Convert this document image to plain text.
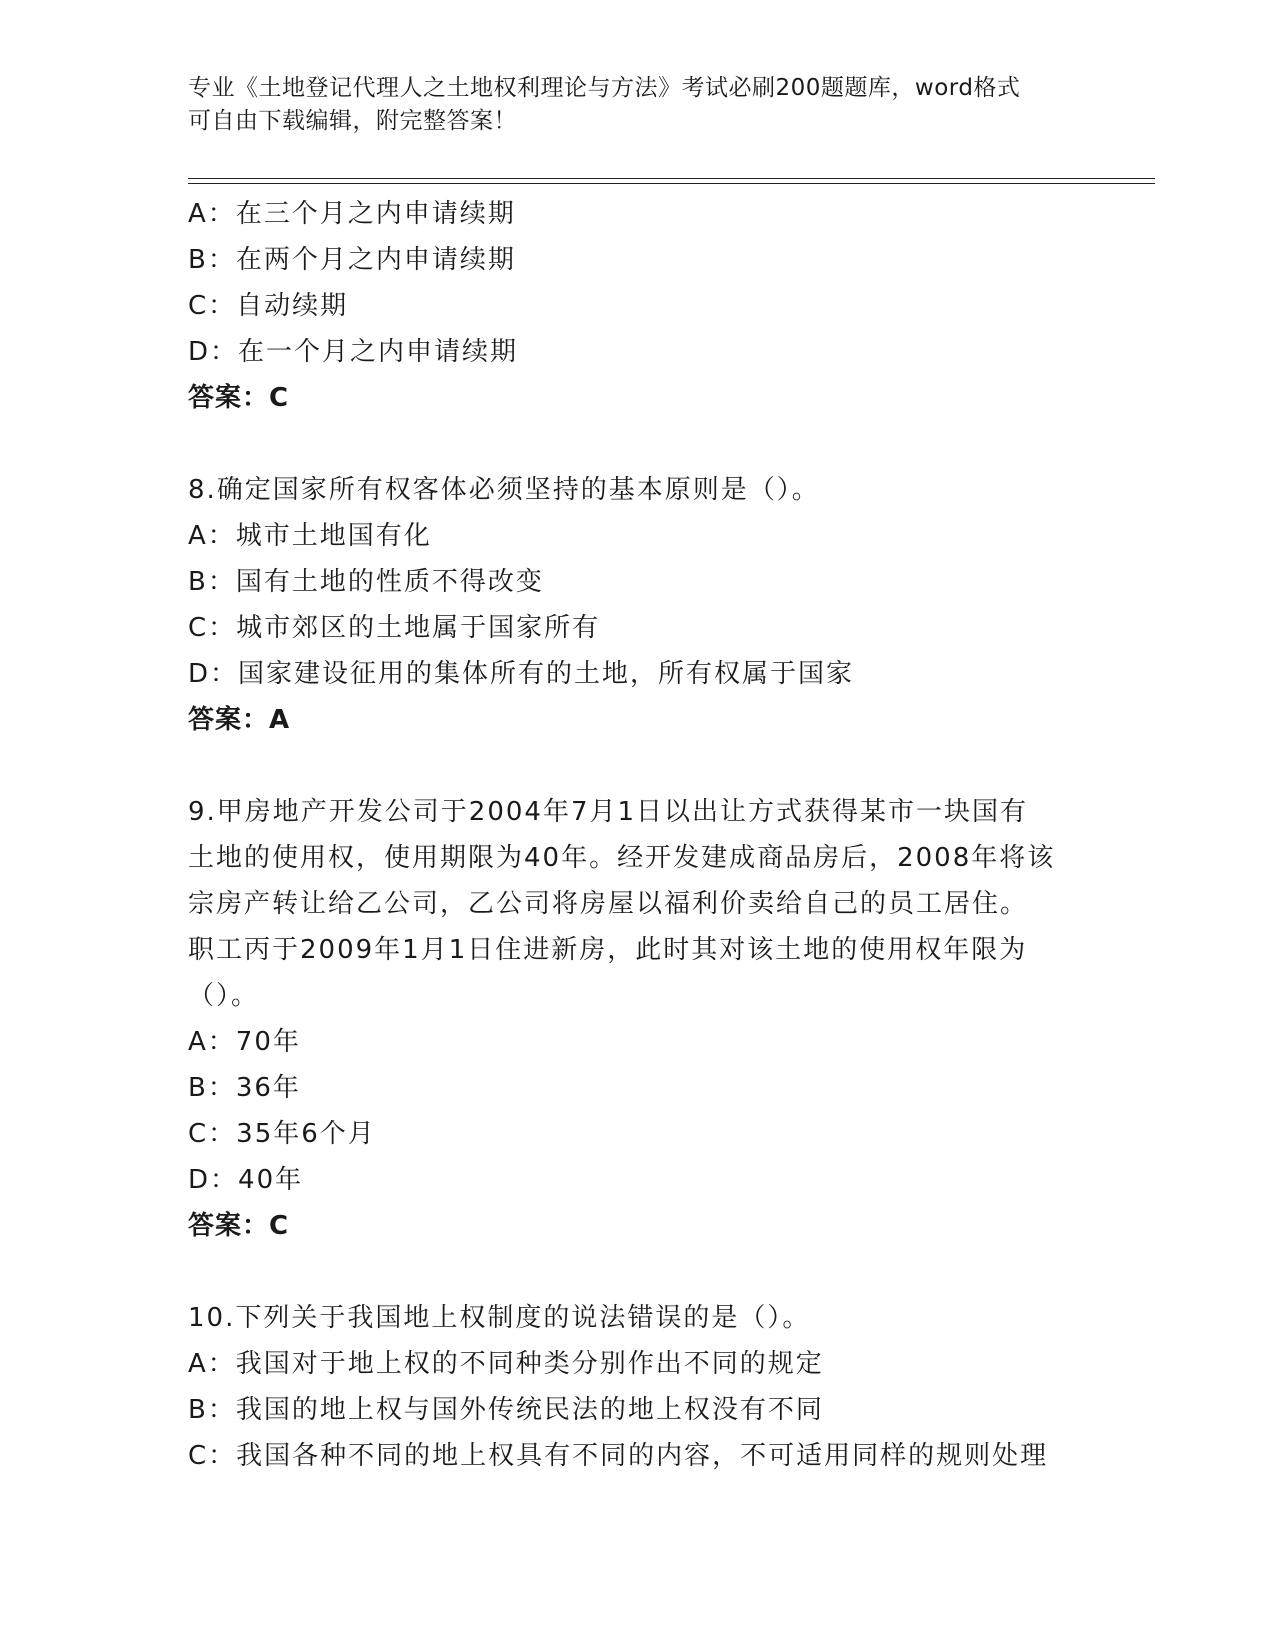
专业《土地登记代理人之土地权利理论与方法》考试必刷200题题库，word格式
可自由下载编辑，附完整答案！
A：在三个月之内申请续期
B：在两个月之内申请续期
C：自动续期
D：在一个月之内申请续期
答案：C
8.确定国家所有权客体必须坚持的基本原则是（）。
A：城市土地国有化
B：国有土地的性质不得改变
C：城市郊区的土地属于国家所有
D：国家建设征用的集体所有的土地，所有权属于国家
答案：A
9.甲房地产开发公司于2004年7月1日以出让方式获得某市一块国有
土地的使用权，使用期限为40年。经开发建成商品房后，2008年将该
宗房产转让给乙公司，乙公司将房屋以福利价卖给自己的员工居住。
职工丙于2009年1月1日住进新房，此时其对该土地的使用权年限为
（）。
A：70年
B：36年
C：35年6个月
D：40年
答案：C
10.下列关于我国地上权制度的说法错误的是（）。
A：我国对于地上权的不同种类分别作出不同的规定
B：我国的地上权与国外传统民法的地上权没有不同
C：我国各种不同的地上权具有不同的内容，不可适用同样的规则处理
